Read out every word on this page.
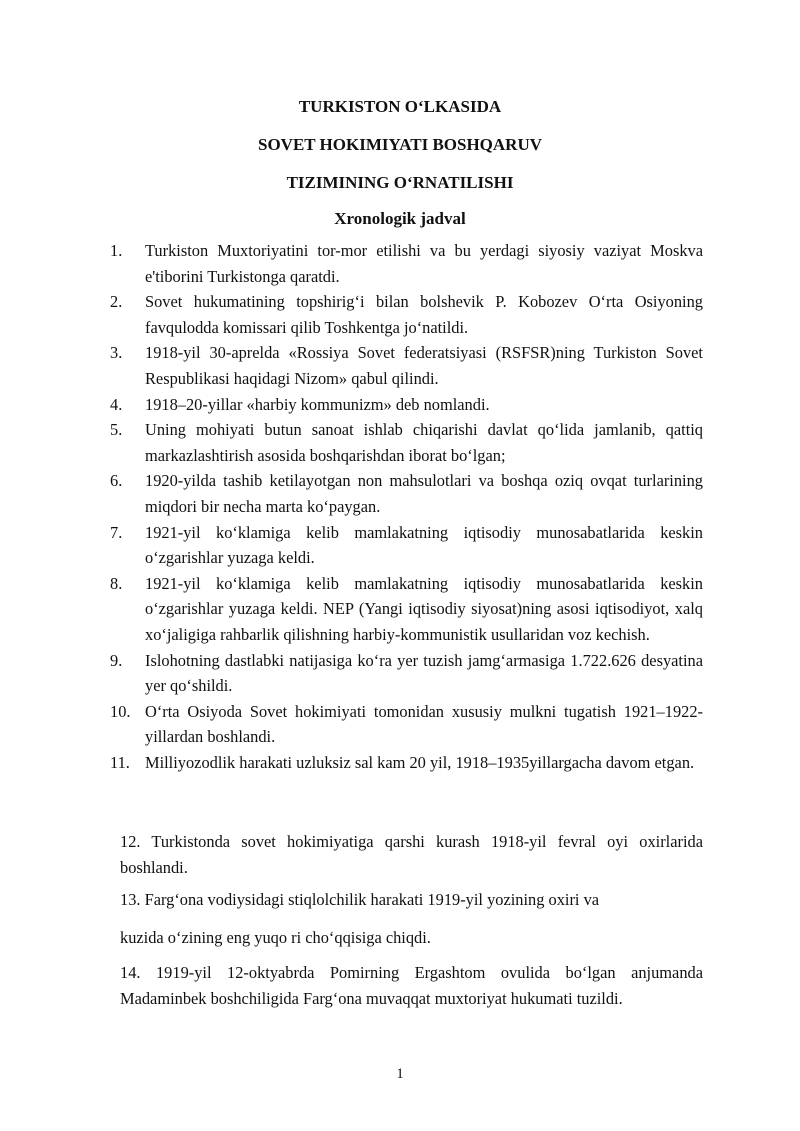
TURKISTON O‘LKASIDA
SOVET HOKIMIYATI BOSHQARUV
TIZIMINING O‘RNATILISHI
Xronologik jadval
1. Turkiston Muxtoriyatini tor-mor etilishi va bu yerdagi siyosiy vaziyat Moskva e'tiborini Turkistonga qaratdi.
2. Sovet hukumatining topshirig‘i bilan bolshevik P. Kobozev O‘rta Osiyoning favqulodda komissari qilib Toshkentga jo‘natildi.
3. 1918-yil 30-aprelda «Rossiya Sovet federatsiyasi (RSFSR)ning Turkiston Sovet Respublikasi haqidagi Nizom» qabul qilindi.
4. 1918–20-yillar «harbiy kommunizm» deb nomlandi.
5. Uning mohiyati butun sanoat ishlab chiqarishi davlat qo‘lida jamlanib, qattiq markazlashtirish asosida boshqarishdan iborat bo‘lgan;
6. 1920-yilda tashib ketilayotgan non mahsulotlari va boshqa oziq ovqat turlarining miqdori bir necha marta ko‘paygan.
7. 1921-yil ko‘klamiga kelib mamlakatning iqtisodiy munosabatlarida keskin o‘zgarishlar yuzaga keldi.
8. 1921-yil ko‘klamiga kelib mamlakatning iqtisodiy munosabatlarida keskin o‘zgarishlar yuzaga keldi. NEP (Yangi iqtisodiy siyosat)ning asosi iqtisodiyot, xalq xo‘jaligiga rahbarlik qilishning harbiy-kommunistik usullaridan voz kechish.
9. Islohotning dastlabki natijasiga ko‘ra yer tuzish jamg‘armasiga 1.722.626 desyatina yer qo‘shildi.
10. O‘rta Osiyoda Sovet hokimiyati tomonidan xususiy mulkni tugatish 1921–1922-yillardan boshlandi.
11. Milliyozodlik harakati uzluksiz sal kam 20 yil, 1918–1935yillargacha davom etgan.

12. Turkistonda sovet hokimiyatiga qarshi kurash 1918-yil fevral oyi oxirlarida boshlandi.

13. Farg‘ona vodiysidagi stiqlolchilik harakati 1919-yil yozining oxiri va

kuzida o‘zining eng yuqo ri cho‘qqisiga chiqdi.

14. 1919-yil 12-oktyabrda Pomirning Ergashtom ovulida bo‘lgan anjumanda Madaminbek boshchiligida Farg‘ona muvaqqat muxtoriyat hukumati tuzildi.

1
